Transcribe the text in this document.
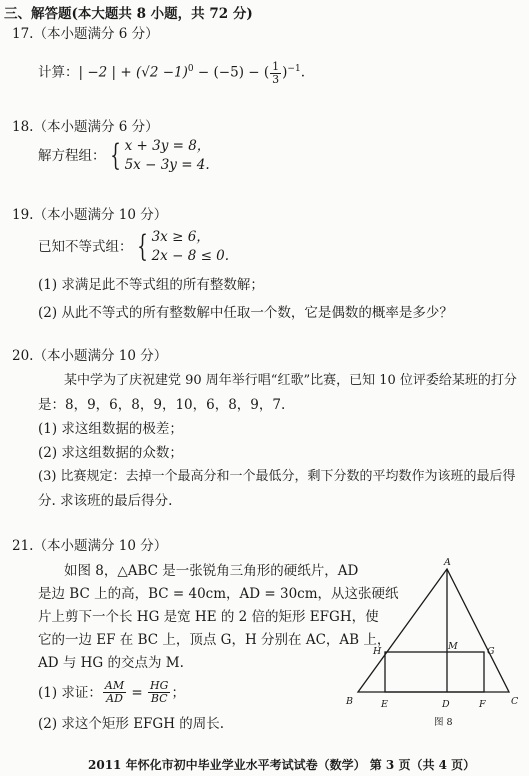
三、解答题(本大题共 8 小题，共 72 分)
17.（本小题满分 6 分）
计算：| −2 | + $(√2 -1)^0 - (-5)$ − ( $\frac{1}{3} )^{-1}$.
18.（本小题满分 6 分）
解方程组： { x + 3y = 8，
5x − 3y = 4.
19.（本小题满分 10 分）
已知不等式组： { 3x ≥ 6，
2x − 8 ≤ 0.
(1) 求满足此不等式组的所有整数解；
(2) 从此不等式的所有整数解中任取一个数，它是偶数的概率是多少？
20.（本小题满分 10 分）
某中学为了庆祝建党 90 周年举行唱“红歌”比赛，已知 10 位评委给某班的打分
是：8，9，6，8，9，10，6，8，9，7.
(1) 求这组数据的极差；
(2) 求这组数据的众数；
(3) 比赛规定：去掉一个最高分和一个最低分，剩下分数的平均数作为该班的最后得
分. 求该班的最后得分.
21.（本小题满分 10 分）
如图 8，△ABC 是一张锐角三角形的硬纸片，AD
是边 BC 上的高，BC = 40cm，AD = 30cm，从这张硬纸
片上剪下一个长 HG 是宽 HE 的 2 倍的矩形 EFGH，使
它的一边 EF 在 BC 上，顶点 G，H 分别在 AC，AB 上，
AD 与 HG 的交点为 M.
(1) 求证： $\frac{AM}{AD} = \frac{HG}{BC}$ ；
(2) 求这个矩形 EFGH 的周长.
A
B	C
D
E	F
G
H	M
图 8
2011 年怀化市初中毕业学业水平考试试卷（数学） 第 3 页（共 4 页）
